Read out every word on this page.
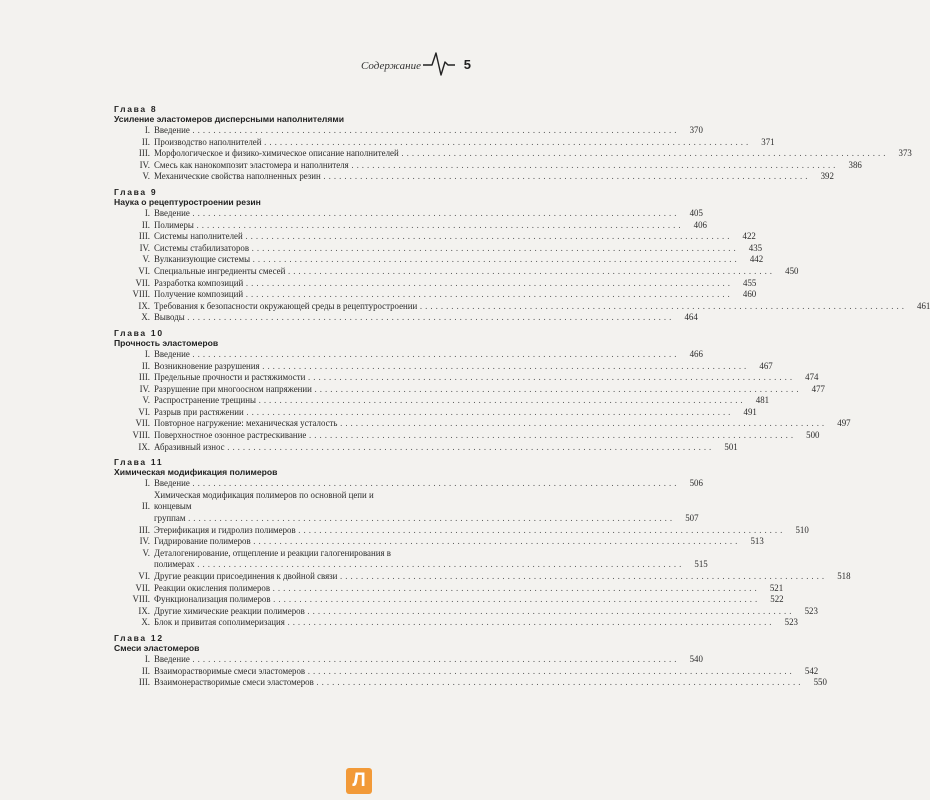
Содержание	5
Глава 8
Усиление эластомеров дисперсными наполнителями
I. Введение . . .	370
II. Производство наполнителей . . .	371
III. Морфологическое и физико-химическое описание наполнителей . . .	373
IV. Смесь как нанокомпозит эластомера и наполнителя . . .	386
V. Механические свойства наполненных резин . . .	392
Глава 9
Наука о рецептуростроении резин
I. Введение . . .	405
II. Полимеры . . .	406
III. Системы наполнителей . . .	422
IV. Системы стабилизаторов . . .	435
V. Вулканизующие системы . . .	442
VI. Специальные ингредиенты смесей . . .	450
VII. Разработка композиций . . .	455
VIII. Получение композиций . . .	460
IX. Требования к безопасности окружающей среды в рецептуростроении . . .	461
X. Выводы . . .	464
Глава 10
Прочность эластомеров
I. Введение . . .	466
II. Возникновение разрушения . . .	467
III. Предельные прочности и растяжимости . . .	474
IV. Разрушение при многоосном напряжении . . .	477
V. Распространение трещины . . .	481
VI. Разрыв при растяжении . . .	491
VII. Повторное нагружение: механическая усталость . . .	497
VIII. Поверхностное озонное растрескивание . . .	500
IX. Абразивный износ . . .	501
Глава 11
Химическая модификация полимеров
I. Введение . . .	506
II.
Химическая модификация полимеров по основной цепи и концевым
группам . . .	507
III. Этерификация и гидролиз полимеров . . .	510
IV. Гидрирование полимеров . . .	513
V. Деталогенирование, отщепление и реакции галогенирования в
полимерах . . .	515
VI. Другие реакции присоединения к двойной связи . . .	518
VII. Реакции окисления полимеров . . .	521
VIII. Функционализация полимеров . . .	522
IX. Другие химические реакции полимеров . . .	523
X. Блок и привитая сополимеризация . . .	523
Глава 12
Смеси эластомеров
I. Введение . . .	540
II. Взаиморастворимые смеси эластомеров . . .	542
III. Взаимонерастворимые смеси эластомеров . . .	550
Л
